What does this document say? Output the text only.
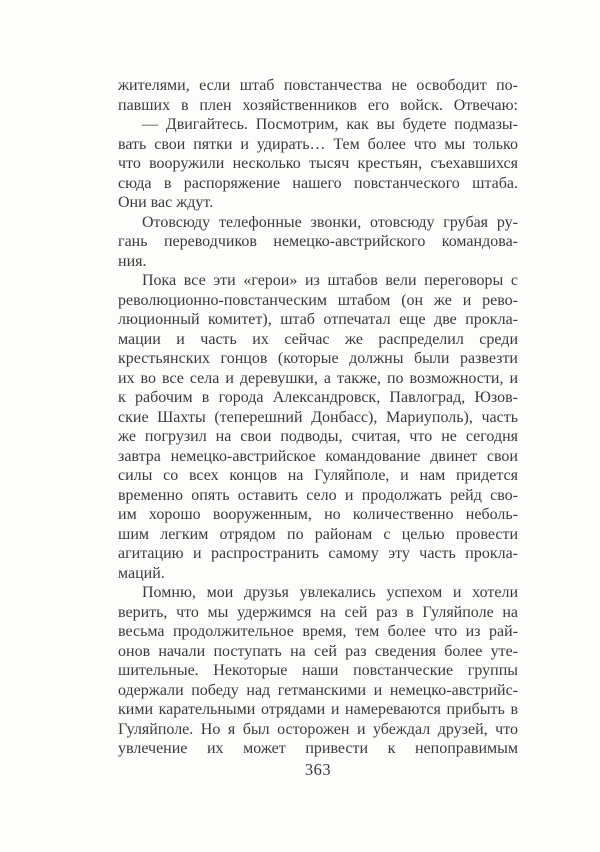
жителями, если штаб повстанчества не освободит по-
павших в плен хозяйственников его войск. Отвечаю:
— Двигайтесь. Посмотрим, как вы будете подмазы-
вать свои пятки и удирать… Тем более что мы только
что вооружили несколько тысяч крестьян, съехавшихся
сюда в распоряжение нашего повстанческого штаба.
Они вас ждут.
Отовсюду телефонные звонки, отовсюду грубая ру-
гань переводчиков немецко-австрийского командова-
ния.
Пока все эти «герои» из штабов вели переговоры с
революционно-повстанческим штабом (он же и рево-
люционный комитет), штаб отпечатал еще две прокла-
мации и часть их сейчас же распределил среди
крестьянских гонцов (которые должны были развезти
их во все села и деревушки, а также, по возможности, и
к рабочим в города Александровск, Павлоград, Юзов-
ские Шахты (теперешний Донбасс), Мариуполь), часть
же погрузил на свои подводы, считая, что не сегодня
завтра немецко-австрийское командование двинет свои
силы со всех концов на Гуляйполе, и нам придется
временно опять оставить село и продолжать рейд сво-
им хорошо вооруженным, но количественно неболь-
шим легким отрядом по районам с целью провести
агитацию и распространить самому эту часть прокла-
маций.
Помню, мои друзья увлекались успехом и хотели
верить, что мы удержимся на сей раз в Гуляйполе на
весьма продолжительное время, тем более что из рай-
онов начали поступать на сей раз сведения более уте-
шительные. Некоторые наши повстанческие группы
одержали победу над гетманскими и немецко-австрийс-
кими карательными отрядами и намереваются прибыть в
Гуляйполе. Но я был осторожен и убеждал друзей, что
увлечение их может привести к непоправимым
363
